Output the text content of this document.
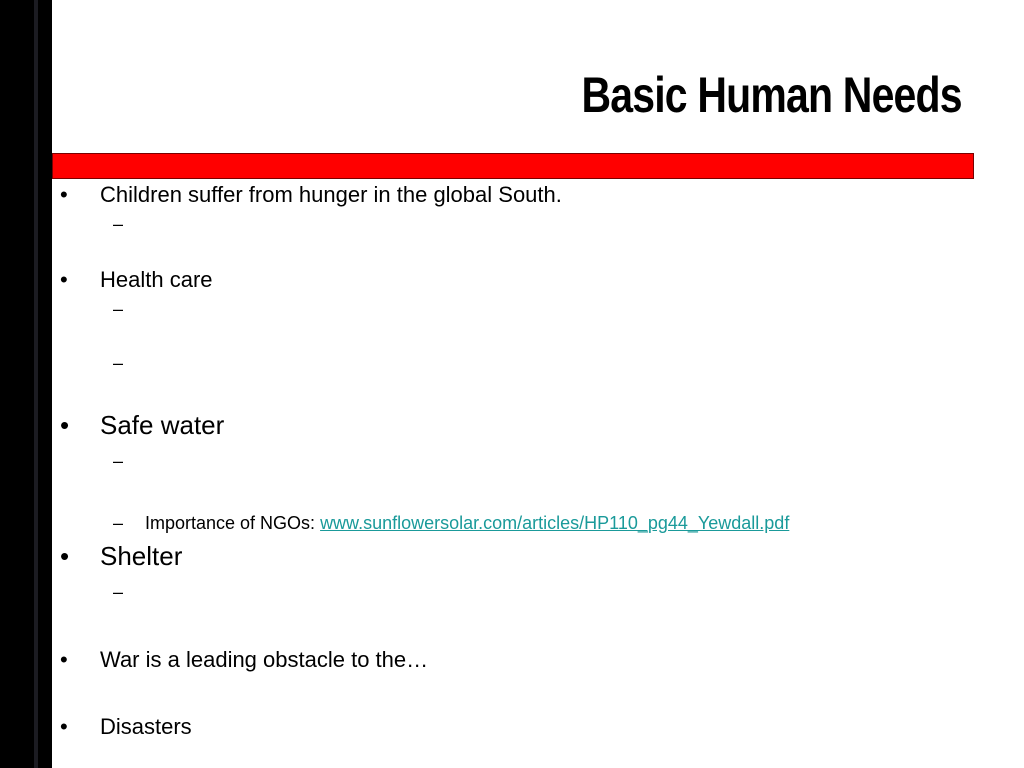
Basic Human Needs
• Children suffer from hunger in the global South.
–
• Health care
–
–
• Safe water
–
– Importance of NGOs: www.sunflowersolar.com/articles/HP110_pg44_Yewdall.pdf
• Shelter
–
• War is a leading obstacle to the…
• Disasters
